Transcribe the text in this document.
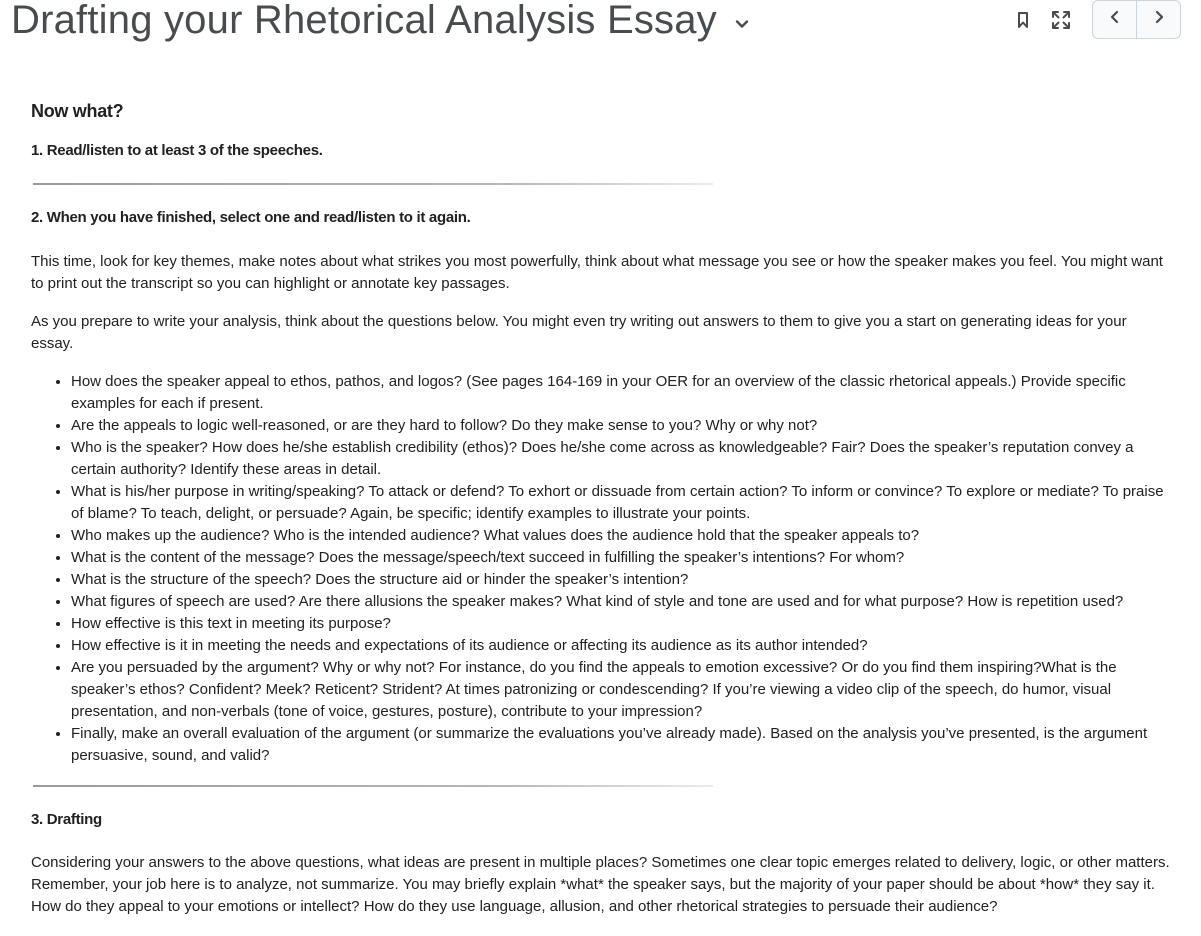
Drafting your Rhetorical Analysis Essay
Now what?
1. Read/listen to at least 3 of the speeches.
2. When you have finished, select one and read/listen to it again.

This time, look for key themes, make notes about what strikes you most powerfully, think about what message you see or how the speaker makes you feel. You might want to print out the transcript so you can highlight or annotate key passages.

As you prepare to write your analysis, think about the questions below. You might even try writing out answers to them to give you a start on generating ideas for your essay.

• How does the speaker appeal to ethos, pathos, and logos? (See pages 164-169 in your OER for an overview of the classic rhetorical appeals.) Provide specific examples for each if present.
• Are the appeals to logic well-reasoned, or are they hard to follow? Do they make sense to you? Why or why not?
• Who is the speaker? How does he/she establish credibility (ethos)? Does he/she come across as knowledgeable? Fair? Does the speaker’s reputation convey a certain authority? Identify these areas in detail.
• What is his/her purpose in writing/speaking? To attack or defend? To exhort or dissuade from certain action? To inform or convince? To explore or mediate? To praise of blame? To teach, delight, or persuade? Again, be specific; identify examples to illustrate your points.
• Who makes up the audience? Who is the intended audience? What values does the audience hold that the speaker appeals to?
• What is the content of the message? Does the message/speech/text succeed in fulfilling the speaker’s intentions? For whom?
• What is the structure of the speech? Does the structure aid or hinder the speaker’s intention?
• What figures of speech are used? Are there allusions the speaker makes? What kind of style and tone are used and for what purpose? How is repetition used?
• How effective is this text in meeting its purpose?
• How effective is it in meeting the needs and expectations of its audience or affecting its audience as its author intended?
• Are you persuaded by the argument? Why or why not? For instance, do you find the appeals to emotion excessive? Or do you find them inspiring?What is the speaker’s ethos? Confident? Meek? Reticent? Strident? At times patronizing or condescending? If you’re viewing a video clip of the speech, do humor, visual presentation, and non-verbals (tone of voice, gestures, posture), contribute to your impression?
• Finally, make an overall evaluation of the argument (or summarize the evaluations you’ve already made). Based on the analysis you’ve presented, is the argument persuasive, sound, and valid?
3. Drafting

Considering your answers to the above questions, what ideas are present in multiple places? Sometimes one clear topic emerges related to delivery, logic, or other matters. Remember, your job here is to analyze, not summarize. You may briefly explain *what* the speaker says, but the majority of your paper should be about *how* they say it. How do they appeal to your emotions or intellect? How do they use language, allusion, and other rhetorical strategies to persuade their audience?
